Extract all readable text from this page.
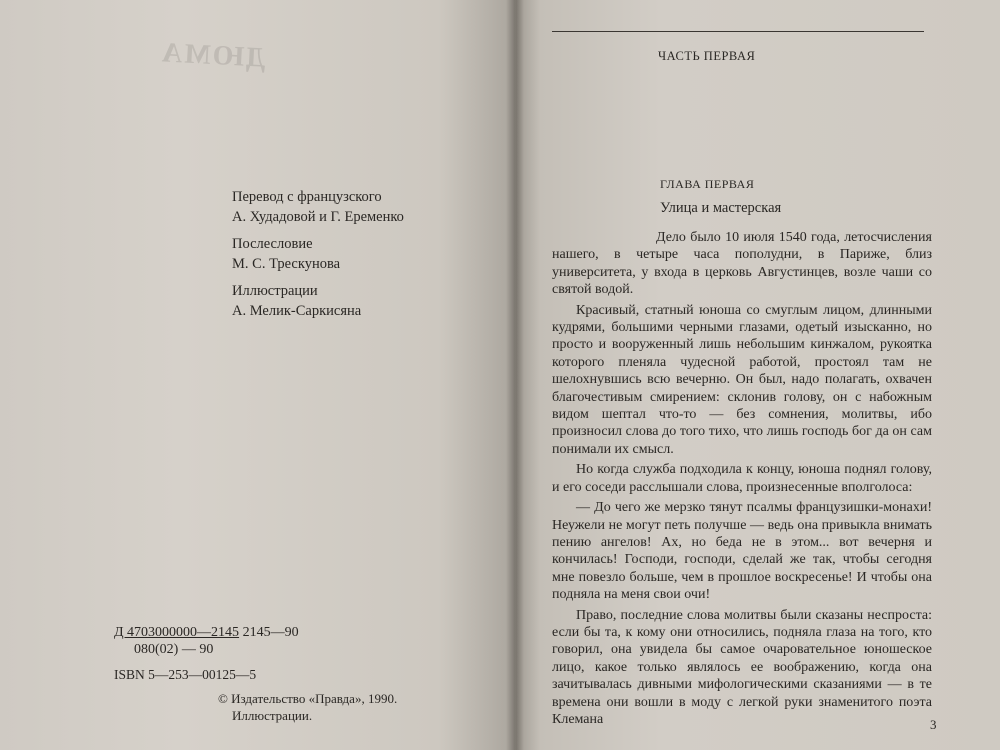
ДЮМА
Перевод с французского
А. Худадовой и Г. Еременко
Послесловие
М. С. Трескунова
Иллюстрации
А. Мелик-Саркисяна
Д 4703000000—2145 2145—90
080(02) — 90
ISBN 5—253—00125—5
© Издательство «Правда», 1990.
Иллюстрации.
ЧАСТЬ ПЕРВАЯ
ГЛАВА ПЕРВАЯ
Улица и мастерская

Дело было 10 июля 1540 года, летосчисления нашего, в четыре часа пополудни, в Париже, близ университета, у входа в церковь Августинцев, возле чаши со святой водой.

Красивый, статный юноша со смуглым лицом, длинными кудрями, большими черными глазами, одетый изысканно, но просто и вооруженный лишь небольшим кинжалом, рукоятка которого пленяла чудесной работой, простоял там не шелохнувшись всю вечерню. Он был, надо полагать, охвачен благочестивым смирением: склонив голову, он с набожным видом шептал что-то — без сомнения, молитвы, ибо произносил слова до того тихо, что лишь господь бог да он сам понимали их смысл.

Но когда служба подходила к концу, юноша поднял голову, и его соседи расслышали слова, произнесенные вполголоса:

— До чего же мерзко тянут псалмы французишки-монахи! Неужели не могут петь получше — ведь она привыкла внимать пению ангелов! Ах, но беда не в этом... вот вечерня и кончилась! Господи, господи, сделай же так, чтобы сегодня мне повезло больше, чем в прошлое воскресенье! И чтобы она подняла на меня свои очи!

Право, последние слова молитвы были сказаны неспроста: если бы та, к кому они относились, подняла глаза на того, кто говорил, она увидела бы самое очаровательное юношеское лицо, какое только являлось ее воображению, когда она зачитывалась дивными мифологическими сказаниями — в те времена они вошли в моду с легкой руки знаменитого поэта Клемана	3
